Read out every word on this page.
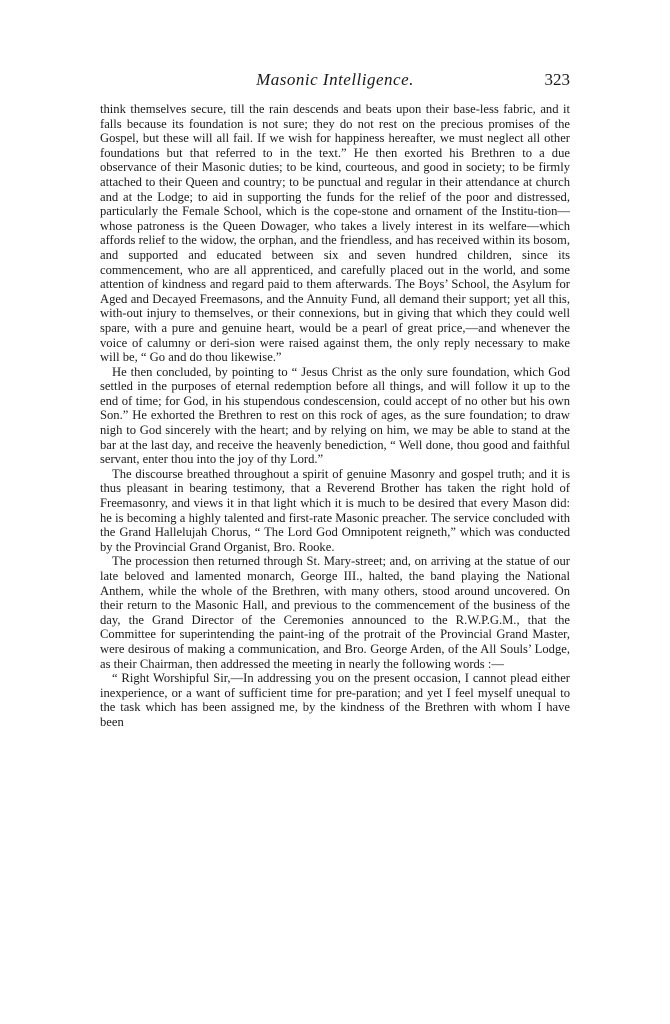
Masonic Intelligence.	323

think themselves secure, till the rain descends and beats upon their base-less fabric, and it falls because its foundation is not sure; they do not rest on the precious promises of the Gospel, but these will all fail. If we wish for happiness hereafter, we must neglect all other foundations but that referred to in the text.” He then exorted his Brethren to a due observance of their Masonic duties; to be kind, courteous, and good in society; to be firmly attached to their Queen and country; to be punctual and regular in their attendance at church and at the Lodge; to aid in supporting the funds for the relief of the poor and distressed, particularly the Female School, which is the cope-stone and ornament of the Institu-tion—whose patroness is the Queen Dowager, who takes a lively interest in its welfare—which affords relief to the widow, the orphan, and the friendless, and has received within its bosom, and supported and educated between six and seven hundred children, since its commencement, who are all apprenticed, and carefully placed out in the world, and some attention of kindness and regard paid to them afterwards. The Boys’ School, the Asylum for Aged and Decayed Freemasons, and the Annuity Fund, all demand their support; yet all this, with-out injury to themselves, or their connexions, but in giving that which they could well spare, with a pure and genuine heart, would be a pearl of great price,—and whenever the voice of calumny or deri-sion were raised against them, the only reply necessary to make will be, “ Go and do thou likewise.”

He then concluded, by pointing to “ Jesus Christ as the only sure foundation, which God settled in the purposes of eternal redemption before all things, and will follow it up to the end of time; for God, in his stupendous condescension, could accept of no other but his own Son.” He exhorted the Brethren to rest on this rock of ages, as the sure foundation; to draw nigh to God sincerely with the heart; and by relying on him, we may be able to stand at the bar at the last day, and receive the heavenly benediction, “ Well done, thou good and faithful servant, enter thou into the joy of thy Lord.”

The discourse breathed throughout a spirit of genuine Masonry and gospel truth; and it is thus pleasant in bearing testimony, that a Reverend Brother has taken the right hold of Freemasonry, and views it in that light which it is much to be desired that every Mason did: he is becoming a highly talented and first-rate Masonic preacher. The service concluded with the Grand Hallelujah Chorus, “ The Lord God Omnipotent reigneth,” which was conducted by the Provincial Grand Organist, Bro. Rooke.

The procession then returned through St. Mary-street; and, on arriving at the statue of our late beloved and lamented monarch, George III., halted, the band playing the National Anthem, while the whole of the Brethren, with many others, stood around uncovered. On their return to the Masonic Hall, and previous to the commencement of the business of the day, the Grand Director of the Ceremonies announced to the R.W.P.G.M., that the Committee for superintending the paint-ing of the protrait of the Provincial Grand Master, were desirous of making a communication, and Bro. George Arden, of the All Souls’ Lodge, as their Chairman, then addressed the meeting in nearly the following words :—

“ Right Worshipful Sir,—In addressing you on the present occasion, I cannot plead either inexperience, or a want of sufficient time for pre-paration; and yet I feel myself unequal to the task which has been assigned me, by the kindness of the Brethren with whom I have been
